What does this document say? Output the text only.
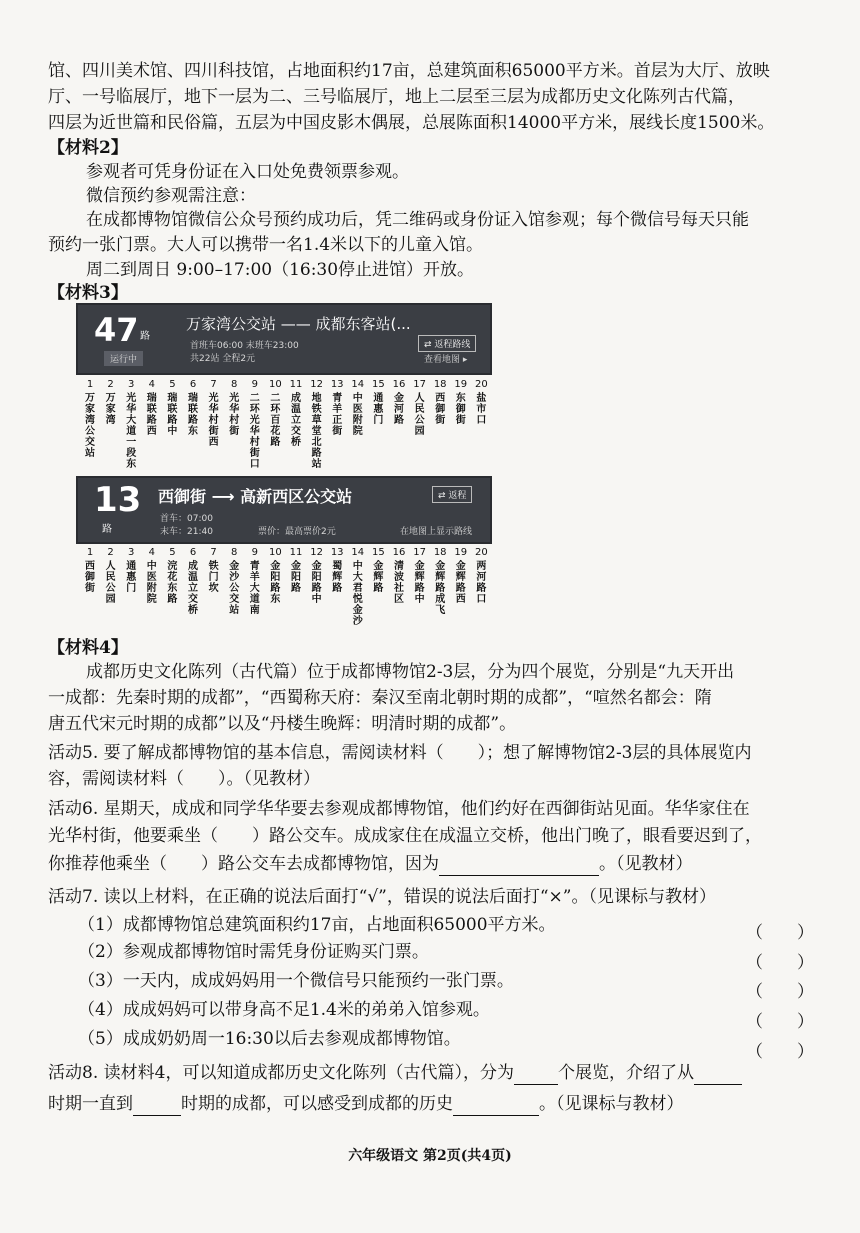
馆、四川美术馆、四川科技馆，占地面积约17亩，总建筑面积65000平方米。首层为大厅、放映
厅、一号临展厅，地下一层为二、三号临展厅，地上二层至三层为成都历史文化陈列古代篇，
四层为近世篇和民俗篇，五层为中国皮影木偶展，总展陈面积14000平方米，展线长度1500米。
【材料2】
参观者可凭身份证在入口处免费领票参观。
微信预约参观需注意：
在成都博物馆微信公众号预约成功后，凭二维码或身份证入馆参观；每个微信号每天只能
预约一张门票。大人可以携带一名1.4米以下的儿童入馆。
周二到周日 9:00–17:00（16:30停止进馆）开放。
【材料3】
47 路
运行中
万家湾公交站 —— 成都东客站(...
首班车06:00 末班车23:00
共22站 全程2元
⇄ 返程路线
查看地图 ▸
1
万家湾公交站
2
万家湾
3
光华大道一段东
4
瑞联路西
5
瑞联路中
6
瑞联路东
7
光华村街西
8
光华村街
9
二环光华村街口
10
二环百花路
11
成温立交桥
12
地铁草堂北路站
13
青羊正街
14
中医附院
15
通惠门
16
金河路
17
人民公园
18
西御街
19
东御街
20
盐市口
13
路
西御街 ⟶ 高新西区公交站
首车：07:00
末车：21:40	票价：最高票价2元
⇄ 返程
在地图上显示路线
1
西御街
2
人民公园
3
通惠门
4
中医附院
5
浣花东路
6
成温立交桥
7
铁门坎
8
金沙公交站
9
青羊大道南
10
金阳路东
11
金阳路
12
金阳路中
13
蜀辉路
14
中大君悦金沙
15
金辉路
16
清波社区
17
金辉路中
18
金辉路成飞
19
金辉路西
20
两河路口
【材料4】
成都历史文化陈列（古代篇）位于成都博物馆2-3层，分为四个展览，分别是“九天开出
一成都：先秦时期的成都”，“西蜀称天府：秦汉至南北朝时期的成都”，“喧然名都会：隋
唐五代宋元时期的成都”以及“丹楼生晚辉：明清时期的成都”。
活动5. 要了解成都博物馆的基本信息，需阅读材料（　　）；想了解博物馆2-3层的具体展览内
容，需阅读材料（　　）。（见教材）
活动6. 星期天，成成和同学华华要去参观成都博物馆，他们约好在西御街站见面。华华家住在
光华村街，他要乘坐（　　）路公交车。成成家住在成温立交桥，他出门晚了，眼看要迟到了，
你推荐他乘坐（　　）路公交车去成都博物馆，因为	。（见教材）
活动7. 读以上材料，在正确的说法后面打“√”，错误的说法后面打“×”。（见课标与教材）
（1）成都博物馆总建筑面积约17亩，占地面积65000平方米。	（　　）
（2）参观成都博物馆时需凭身份证购买门票。
（　　）
（3）一天内，成成妈妈用一个微信号只能预约一张门票。
（　　）
（4）成成妈妈可以带身高不足1.4米的弟弟入馆参观。
（　　）
（5）成成奶奶周一16:30以后去参观成都博物馆。
（　　）
活动8. 读材料4，可以知道成都历史文化陈列（古代篇），分为	个展览，介绍了从
时期一直到	时期的成都，可以感受到成都的历史	。（见课标与教材）
六年级语文 第2页(共4页)
